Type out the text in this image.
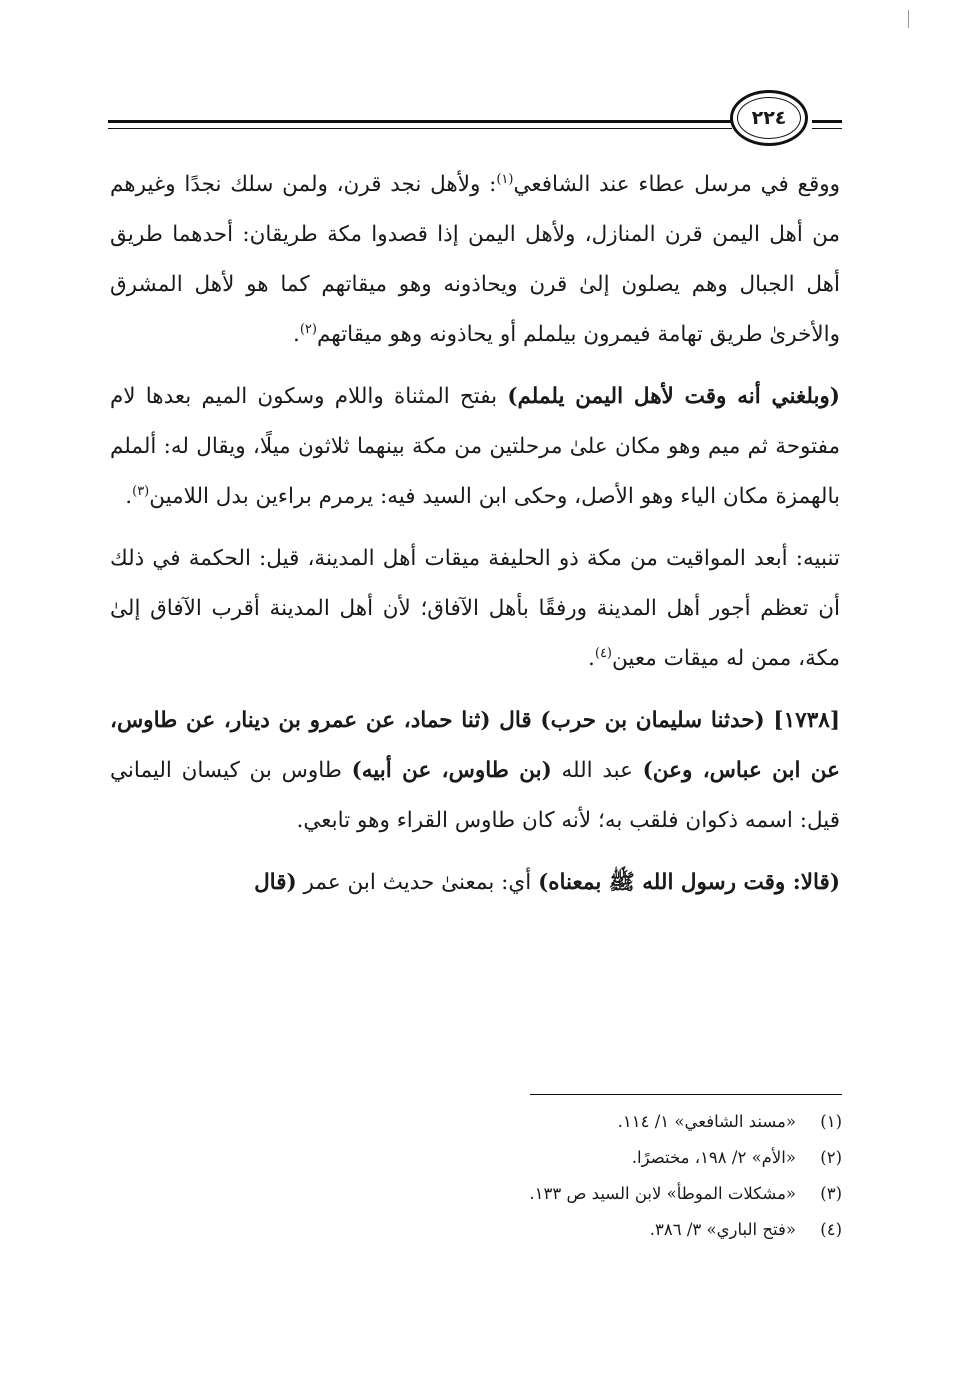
٢٢٤

ووقع في مرسل عطاء عند الشافعي$^{(١)}$: ولأهل نجد قرن، ولمن سلك نجدًا وغيرهم من أهل اليمن قرن المنازل، ولأهل اليمن إذا قصدوا مكة طريقان: أحدهما طريق أهل الجبال وهم يصلون إلىٰ قرن ويحاذونه وهو ميقاتهم كما هو لأهل المشرق والأخرىٰ طريق تهامة فيمرون بيلملم أو يحاذونه وهو ميقاتهم$^{(٢)}$.

(وبلغني أنه وقت لأهل اليمن يلملم) بفتح المثناة واللام وسكون الميم بعدها لام مفتوحة ثم ميم وهو مكان علىٰ مرحلتين من مكة بينهما ثلاثون ميلًا، ويقال له: ألملم بالهمزة مكان الياء وهو الأصل، وحكى ابن السيد فيه: يرمرم براءين بدل اللامين$^{(٣)}$.

تنبيه: أبعد المواقيت من مكة ذو الحليفة ميقات أهل المدينة، قيل: الحكمة في ذلك أن تعظم أجور أهل المدينة ورفقًا بأهل الآفاق؛ لأن أهل المدينة أقرب الآفاق إلىٰ مكة، ممن له ميقات معين$^{(٤)}$.

[١٧٣٨] (حدثنا سليمان بن حرب) قال (ثنا حماد، عن عمرو بن دينار، عن طاوس، عن ابن عباس، وعن) عبد الله (بن طاوس، عن أبيه) طاوس بن كيسان اليماني قيل: اسمه ذكوان فلقب به؛ لأنه كان طاوس القراء وهو تابعي.

(قالا: وقت رسول الله ﷺ بمعناه) أي: بمعنىٰ حديث ابن عمر (قال

(١)«مسند الشافعي» ١/ ١١٤.
(٢)«الأم» ٢/ ١٩٨، مختصرًا.
(٣)«مشكلات الموطأ» لابن السيد ص ١٣٣.
(٤)«فتح الباري» ٣/ ٣٨٦.
